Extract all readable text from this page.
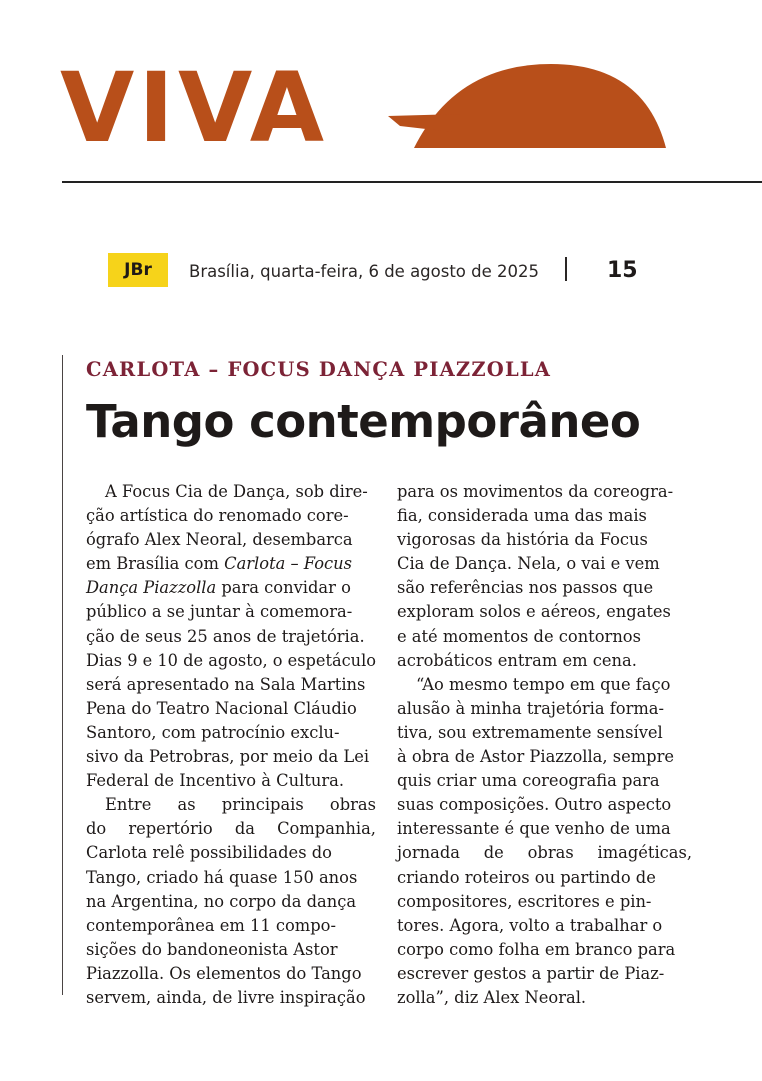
VIVA
JBr	Brasília, quarta-feira, 6 de agosto de 2025	15
CARLOTA – FOCUS DANÇA PIAZZOLLA
Tango contemporâneo
A Focus Cia de Dança, sob dire-
ção artística do renomado core-
ógrafo Alex Neoral, desembarca
em Brasília com Carlota – Focus
Dança Piazzolla para convidar o
público a se juntar à comemora-
ção de seus 25 anos de trajetória.
Dias 9 e 10 de agosto, o espetáculo
será apresentado na Sala Martins
Pena do Teatro Nacional Cláudio
Santoro, com patrocínio exclu-
sivo da Petrobras, por meio da Lei
Federal de Incentivo à Cultura.
Entre as principais obras
do repertório da Companhia,
Carlota relê possibilidades do
Tango, criado há quase 150 anos
na Argentina, no corpo da dança
contemporânea em 11 compo-
sições do bandoneonista Astor
Piazzolla. Os elementos do Tango
servem, ainda, de livre inspiração
para os movimentos da coreogra-
fia, considerada uma das mais
vigorosas da história da Focus
Cia de Dança. Nela, o vai e vem
são referências nos passos que
exploram solos e aéreos, engates
e até momentos de contornos
acrobáticos entram em cena.
“Ao mesmo tempo em que faço
alusão à minha trajetória forma-
tiva, sou extremamente sensível
à obra de Astor Piazzolla, sempre
quis criar uma coreografia para
suas composições. Outro aspecto
interessante é que venho de uma
jornada de obras imagéticas,
criando roteiros ou partindo de
compositores, escritores e pin-
tores. Agora, volto a trabalhar o
corpo como folha em branco para
escrever gestos a partir de Piaz-
zolla”, diz Alex Neoral.
